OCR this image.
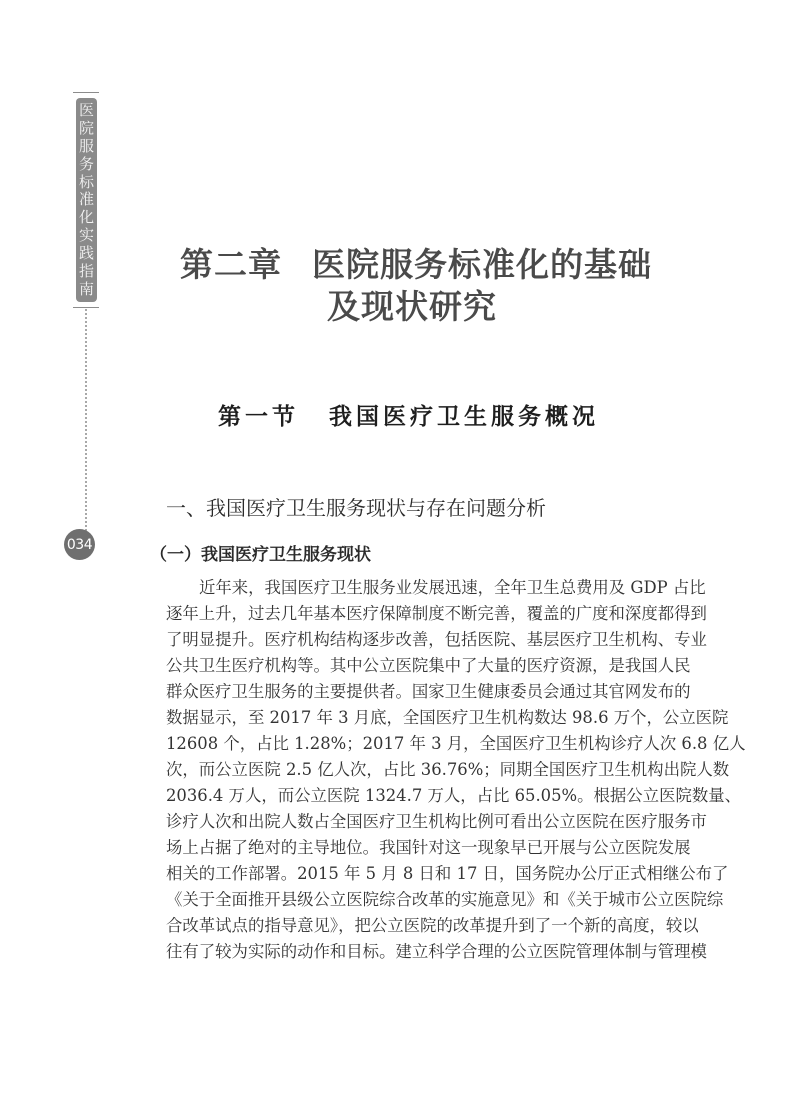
医
院
服
务
标
准
化
实
践
指
南
034
第二章 医院服务标准化的基础
及现状研究
第一节 我国医疗卫生服务概况
一、我国医疗卫生服务现状与存在问题分析
（一）我国医疗卫生服务现状
近年来，我国医疗卫生服务业发展迅速，全年卫生总费用及 GDP 占比
逐年上升，过去几年基本医疗保障制度不断完善，覆盖的广度和深度都得到
了明显提升。医疗机构结构逐步改善，包括医院、基层医疗卫生机构、专业
公共卫生医疗机构等。其中公立医院集中了大量的医疗资源，是我国人民
群众医疗卫生服务的主要提供者。国家卫生健康委员会通过其官网发布的
数据显示，至 2017 年 3 月底，全国医疗卫生机构数达 98.6 万个，公立医院
12608 个，占比 1.28%；2017 年 3 月，全国医疗卫生机构诊疗人次 6.8 亿人
次，而公立医院 2.5 亿人次，占比 36.76%；同期全国医疗卫生机构出院人数
2036.4 万人，而公立医院 1324.7 万人，占比 65.05%。根据公立医院数量、
诊疗人次和出院人数占全国医疗卫生机构比例可看出公立医院在医疗服务市
场上占据了绝对的主导地位。我国针对这一现象早已开展与公立医院发展
相关的工作部署。2015 年 5 月 8 日和 17 日，国务院办公厅正式相继公布了
《关于全面推开县级公立医院综合改革的实施意见》和《关于城市公立医院综
合改革试点的指导意见》，把公立医院的改革提升到了一个新的高度，较以
往有了较为实际的动作和目标。建立科学合理的公立医院管理体制与管理模
